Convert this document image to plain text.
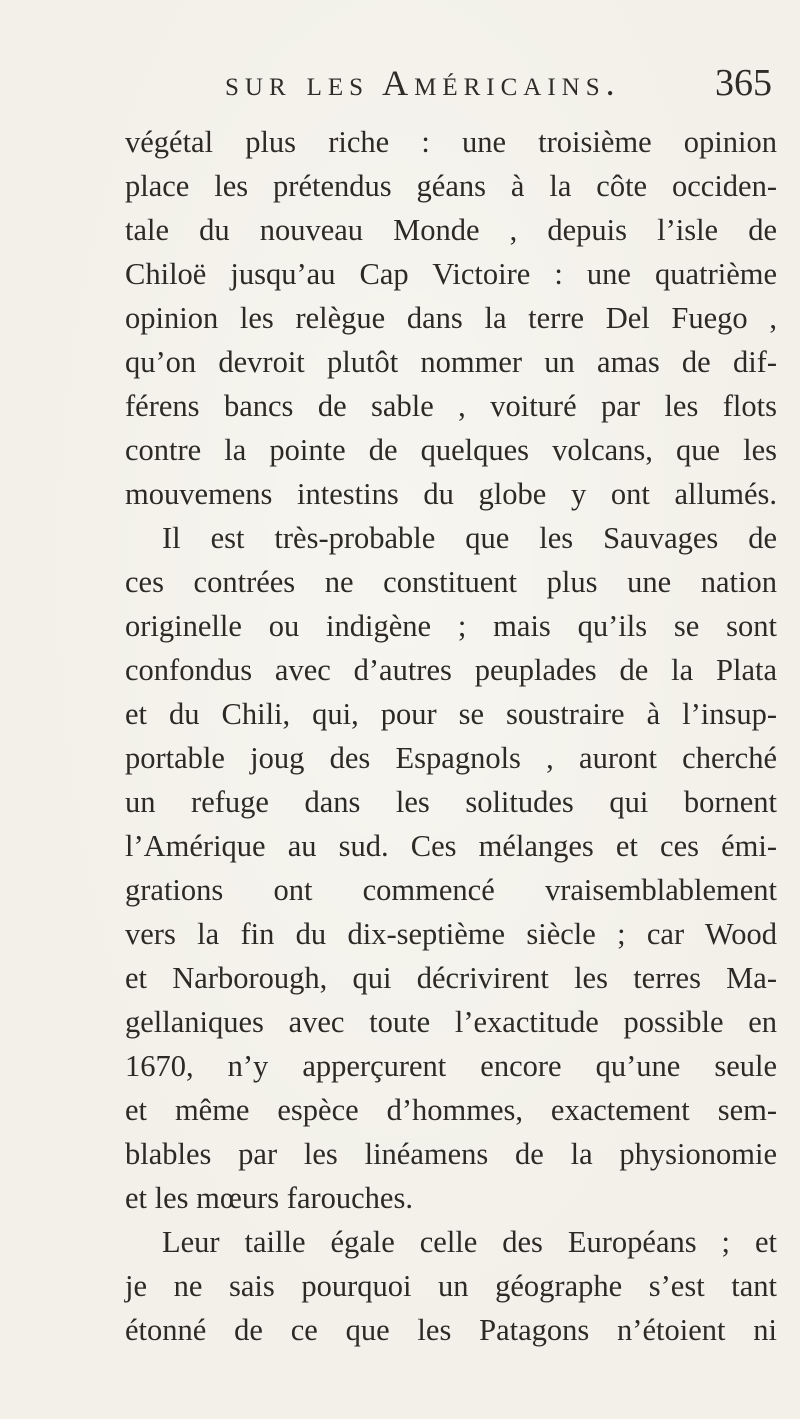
sur les Américains. 365
végétal plus riche : une troisième opinion
place les prétendus géans à la côte occiden-
tale du nouveau Monde , depuis l’isle de
Chiloë jusqu’au Cap Victoire : une quatrième
opinion les relègue dans la terre Del Fuego ,
qu’on devroit plutôt nommer un amas de dif-
férens bancs de sable , voituré par les flots
contre la pointe de quelques volcans, que les
mouvemens intestins du globe y ont allumés.
Il est très-probable que les Sauvages de
ces contrées ne constituent plus une nation
originelle ou indigène ; mais qu’ils se sont
confondus avec d’autres peuplades de la Plata
et du Chili, qui, pour se soustraire à l’insup-
portable joug des Espagnols , auront cherché
un refuge dans les solitudes qui bornent
l’Amérique au sud. Ces mélanges et ces émi-
grations ont commencé vraisemblablement
vers la fin du dix-septième siècle ; car Wood
et Narborough, qui décrivirent les terres Ma-
gellaniques avec toute l’exactitude possible en
1670, n’y apperçurent encore qu’une seule
et même espèce d’hommes, exactement sem-
blables par les linéamens de la physionomie
et les mœurs farouches.
Leur taille égale celle des Européans ; et
je ne sais pourquoi un géographe s’est tant
étonné de ce que les Patagons n’étoient ni
